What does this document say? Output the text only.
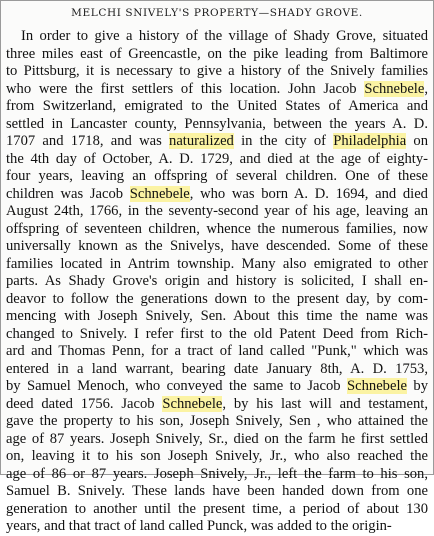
MELCHI SNIVELY'S PROPERTY—SHADY GROVE.
In order to give a history of the village of Shady Grove, situated
three miles east of Greencastle, on the pike leading from Baltimore
to Pittsburg, it is necessary to give a history of the Snively families
who were the first settlers of this location. John Jacob Schnebele,
from Switzerland, emigrated to the United States of America and
settled in Lancaster county, Pennsylvania, between the years A. D.
1707 and 1718, and was naturalized in the city of Philadelphia on
the 4th day of October, A. D. 1729, and died at the age of eighty-
four years, leaving an offspring of several children. One of these
children was Jacob Schnebele, who was born A. D. 1694, and died
August 24th, 1766, in the seventy-second year of his age, leaving an
offspring of seventeen children, whence the numerous families, now
universally known as the Snivelys, have descended. Some of these
families located in Antrim township. Many also emigrated to other
parts. As Shady Grove's origin and history is solicited, I shall en-
deavor to follow the generations down to the present day, by com-
mencing with Joseph Snively, Sen. About this time the name was
changed to Snively. I refer first to the old Patent Deed from Rich-
ard and Thomas Penn, for a tract of land called "Punk," which was
entered in a land warrant, bearing date January 8th, A. D. 1753,
by Samuel Menoch, who conveyed the same to Jacob Schnebele by
deed dated 1756. Jacob Schnebele, by his last will and testament,
gave the property to his son, Joseph Snively, Sen , who attained the
age of 87 years. Joseph Snively, Sr., died on the farm he first settled
on, leaving it to his son Joseph Snively, Jr., who also reached the
age of 86 or 87 years. Joseph Snively, Jr., left the farm to his son,
Samuel B. Snively. These lands have been handed down from one
generation to another until the present time, a period of about 130
years, and that tract of land called Punck, was added to the origin-
